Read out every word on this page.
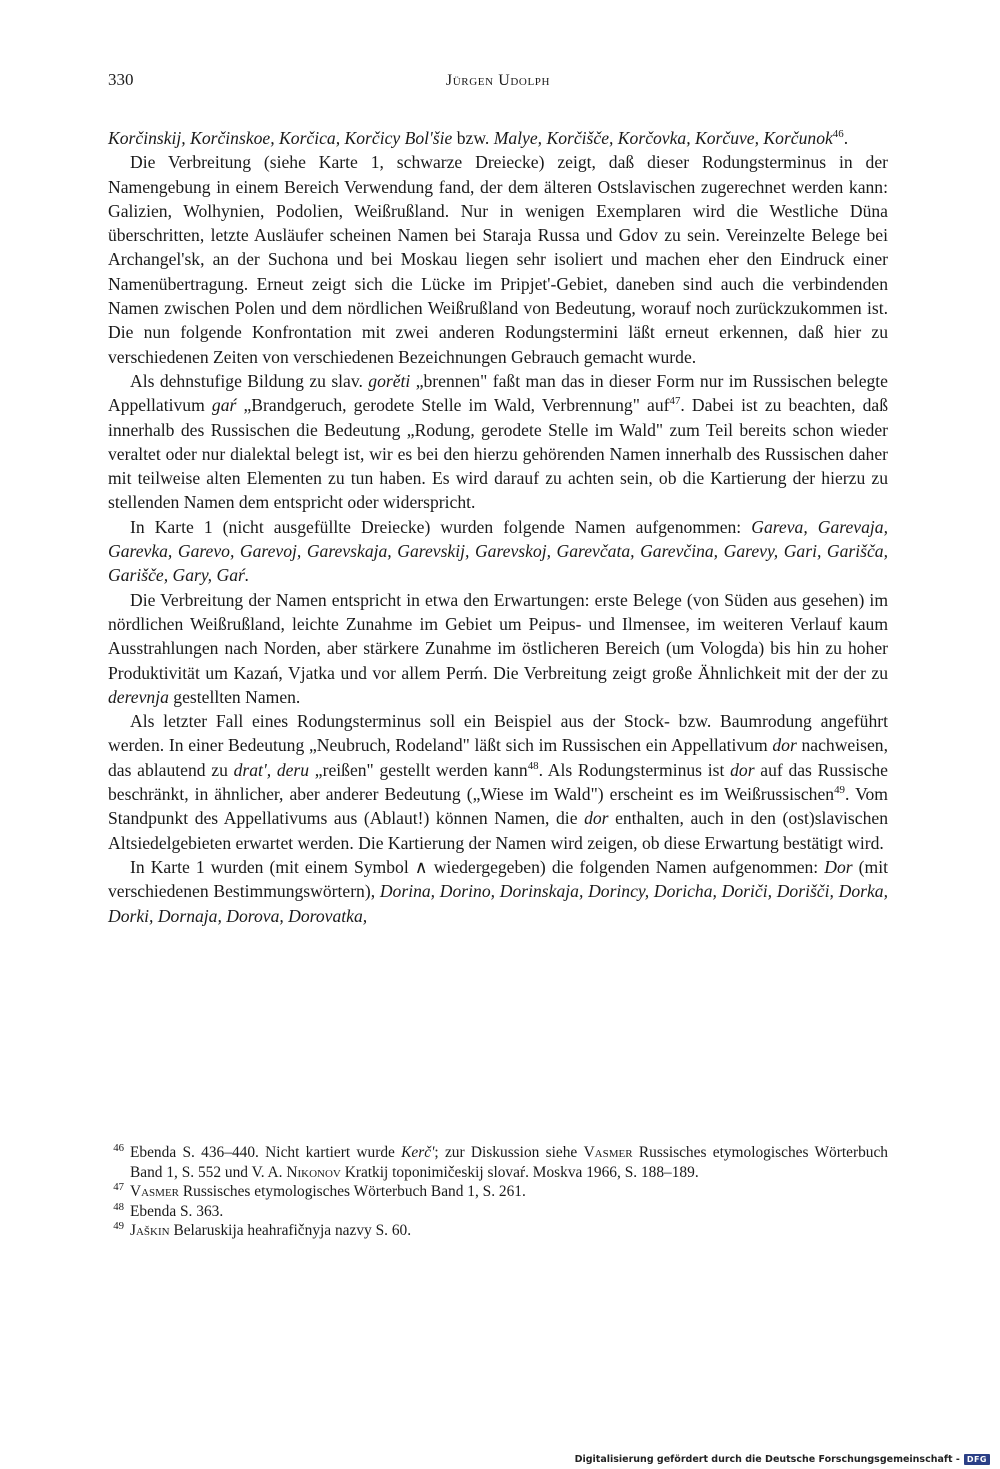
330	Jürgen Udolph

Korčinskij, Korčinskoe, Korčica, Korčicy Bol'šie bzw. Malye, Korčišče, Korčovka, Korčuve, Korčunok$^{46}$.

Die Verbreitung (siehe Karte 1, schwarze Dreiecke) zeigt, daß dieser Rodungsterminus in der Namengebung in einem Bereich Verwendung fand, der dem älteren Ostslavischen zugerechnet werden kann: Galizien, Wolhynien, Podolien, Weißrußland. Nur in wenigen Exemplaren wird die Westliche Düna überschritten, letzte Ausläufer scheinen Namen bei Staraja Russa und Gdov zu sein. Vereinzelte Belege bei Archangel'sk, an der Suchona und bei Moskau liegen sehr isoliert und machen eher den Eindruck einer Namenübertragung. Erneut zeigt sich die Lücke im Pripjet'-Gebiet, daneben sind auch die verbindenden Namen zwischen Polen und dem nördlichen Weißrußland von Bedeutung, worauf noch zurückzukommen ist. Die nun folgende Konfrontation mit zwei anderen Rodungstermini läßt erneut erkennen, daß hier zu verschiedenen Zeiten von verschiedenen Bezeichnungen Gebrauch gemacht wurde.

Als dehnstufige Bildung zu slav. gorěti „brennen" faßt man das in dieser Form nur im Russischen belegte Appellativum gaŕ „Brandgeruch, gerodete Stelle im Wald, Verbrennung" auf$^{47}$. Dabei ist zu beachten, daß innerhalb des Russischen die Bedeutung „Rodung, gerodete Stelle im Wald" zum Teil bereits schon wieder veraltet oder nur dialektal belegt ist, wir es bei den hierzu gehörenden Namen innerhalb des Russischen daher mit teilweise alten Elementen zu tun haben. Es wird darauf zu achten sein, ob die Kartierung der hierzu zu stellenden Namen dem entspricht oder widerspricht.

In Karte 1 (nicht ausgefüllte Dreiecke) wurden folgende Namen aufgenommen: Gareva, Garevaja, Garevka, Garevo, Garevoj, Garevskaja, Garevskij, Garevskoj, Garevčata, Garevčina, Garevy, Gari, Garišča, Garišče, Gary, Gaŕ.

Die Verbreitung der Namen entspricht in etwa den Erwartungen: erste Belege (von Süden aus gesehen) im nördlichen Weißrußland, leichte Zunahme im Gebiet um Peipus- und Ilmensee, im weiteren Verlauf kaum Ausstrahlungen nach Norden, aber stärkere Zunahme im östlicheren Bereich (um Vologda) bis hin zu hoher Produktivität um Kazań, Vjatka und vor allem Perḿ. Die Verbreitung zeigt große Ähnlichkeit mit der der zu derevnja gestellten Namen.

Als letzter Fall eines Rodungsterminus soll ein Beispiel aus der Stock- bzw. Baumrodung angeführt werden. In einer Bedeutung „Neubruch, Rodeland" läßt sich im Russischen ein Appellativum dor nachweisen, das ablautend zu drat', deru „reißen" gestellt werden kann$^{48}$. Als Rodungsterminus ist dor auf das Russische beschränkt, in ähnlicher, aber anderer Bedeutung („Wiese im Wald") erscheint es im Weißrussischen$^{49}$. Vom Standpunkt des Appellativums aus (Ablaut!) können Namen, die dor enthalten, auch in den (ost)slavischen Altsiedelgebieten erwartet werden. Die Kartierung der Namen wird zeigen, ob diese Erwartung bestätigt wird.

In Karte 1 wurden (mit einem Symbol ∧ wiedergegeben) die folgenden Namen aufgenommen: Dor (mit verschiedenen Bestimmungswörtern), Dorina, Dorino, Dorinskaja, Dorincy, Doricha, Doriči, Dorišči, Dorka, Dorki, Dornaja, Dorova, Dorovatka,

46 Ebenda S. 436–440. Nicht kartiert wurde Kerč'; zur Diskussion siehe Vasmer Russisches etymologisches Wörterbuch Band 1, S. 552 und V. A. Nikonov Kratkij toponimičeskij slovaŕ. Moskva 1966, S. 188–189.

47 Vasmer Russisches etymologisches Wörterbuch Band 1, S. 261.

48 Ebenda S. 363.

49 Jaškin Belaruskija heahrafičnyja nazvy S. 60.

Digitalisierung gefördert durch die Deutsche Forschungsgemeinschaft - DFG
